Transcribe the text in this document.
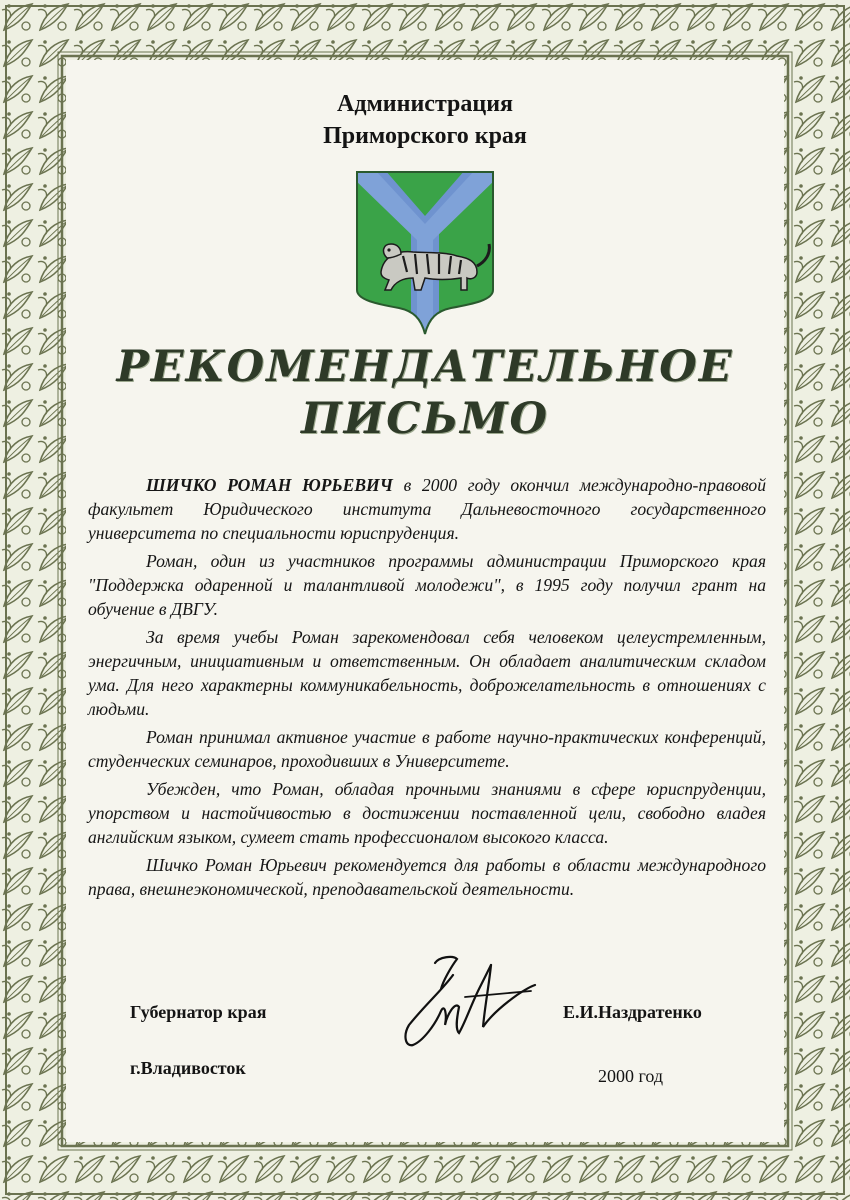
Администрация
Приморского края
РЕКОМЕНДАТЕЛЬНОЕ
ПИСЬМО

ШИЧКО РОМАН ЮРЬЕВИЧ в 2000 году окончил международно-правовой факультет Юридического института Дальневосточного государственного университета по специальности юриспруденция.

Роман, один из участников программы администрации Приморского края "Поддержка одаренной и талантливой молодежи", в 1995 году получил грант на обучение в ДВГУ.

За время учебы Роман зарекомендовал себя человеком целеустремленным, энергичным, инициативным и ответственным. Он обладает аналитическим складом ума. Для него характерны коммуникабельность, доброжелательность в отношениях с людьми.

Роман принимал активное участие в работе научно-практических конференций, студенческих семинаров, проходивших в Университете.

Убежден, что Роман, обладая прочными знаниями в сфере юриспруденции, упорством и настойчивостью в достижении поставленной цели, свободно владея английским языком, сумеет стать профессионалом высокого класса.

Шичко Роман Юрьевич рекомендуется для работы в области международного права, внешнеэкономической, преподавательской деятельности.

Губернатор края	Е.И.Наздратенко
г.Владивосток	2000 год
